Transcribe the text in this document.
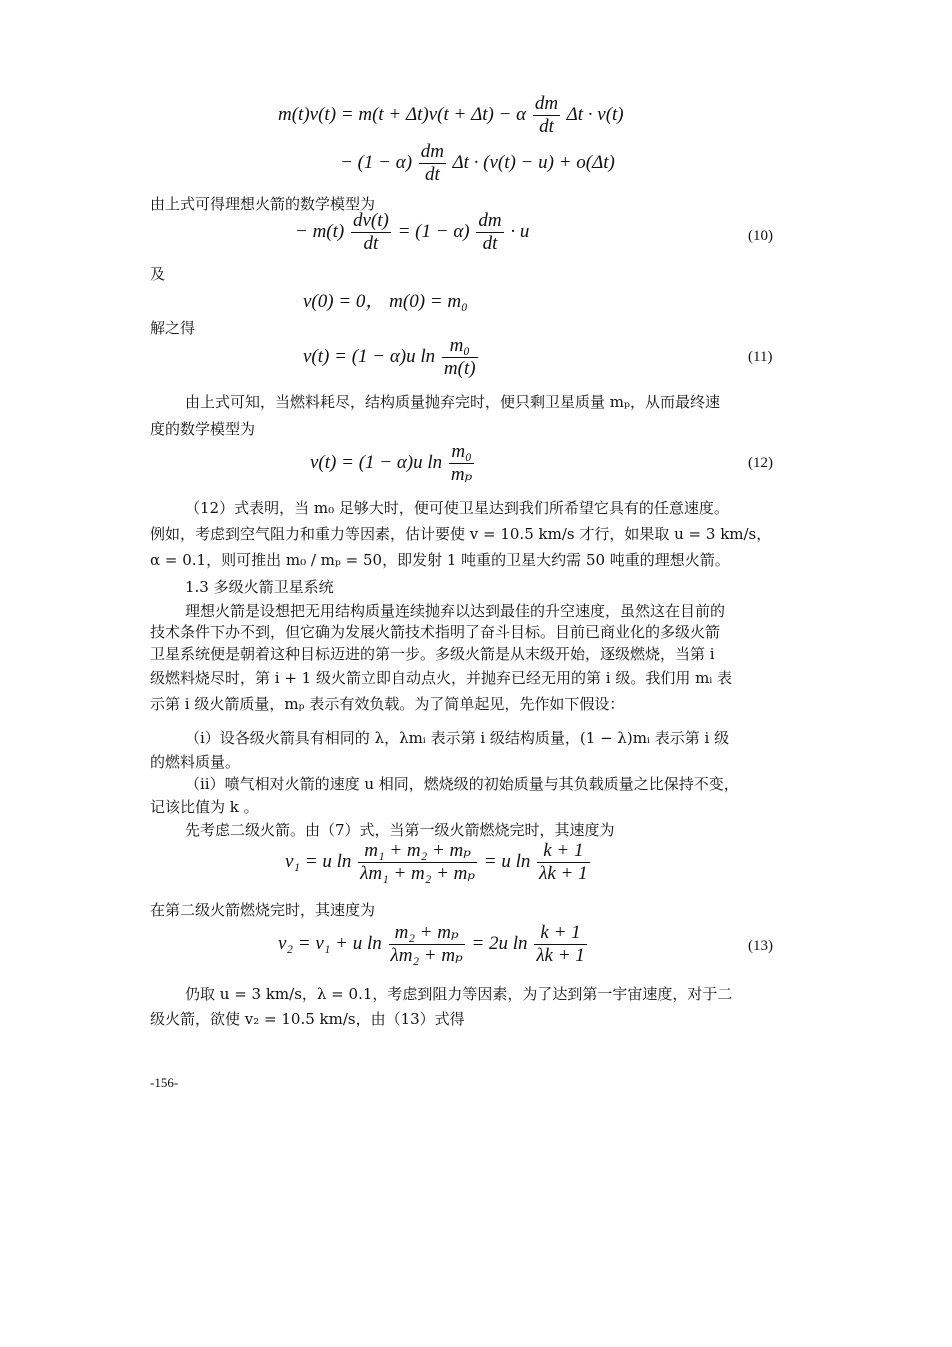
m(t)v(t) = m(t + Δt)v(t + Δt) − α $\frac{dm}{dt}$ Δt · v(t)
− $(1 - \alpha) \frac{dm}{dt}$ Δt · (v(t) − u) + o(Δt)
由上式可得理想火箭的数学模型为
− $m(t) \frac{dv(t)}{dt} = (1 - \alpha) \frac{dm}{dt} \cdot u$	(10)
及
v(0) = 0， m(0) = m₀
解之得
v(t) = (1 − α)u $\ln \frac{\text{m₀}}{m(t)}$	(11)
由上式可知，当燃料耗尽，结构质量抛弃完时，便只剩卫星质量 mₚ，从而最终速
度的数学模型为
v(t) = (1 − α)u $\ln \frac{\text{m₀}}{\text{mₚ}}$	(12)
（12）式表明，当 m₀ 足够大时，便可使卫星达到我们所希望它具有的任意速度。
例如，考虑到空气阻力和重力等因素，估计要使 v = 10.5 km/s 才行，如果取 u = 3 km/s，
α = 0.1，则可推出 m₀ / mₚ = 50，即发射 1 吨重的卫星大约需 50 吨重的理想火箭。
1.3 多级火箭卫星系统
理想火箭是设想把无用结构质量连续抛弃以达到最佳的升空速度，虽然这在目前的
技术条件下办不到，但它确为发展火箭技术指明了奋斗目标。目前已商业化的多级火箭
卫星系统便是朝着这种目标迈进的第一步。多级火箭是从末级开始，逐级燃烧，当第 i
级燃料烧尽时，第 i + 1 级火箭立即自动点火，并抛弃已经无用的第 i 级。我们用 mᵢ 表
示第 i 级火箭质量，mₚ 表示有效负载。为了简单起见，先作如下假设：
（i）设各级火箭具有相同的 λ，λmᵢ 表示第 i 级结构质量，(1 − λ)mᵢ 表示第 i 级
的燃料质量。
（ii）喷气相对火箭的速度 u 相同，燃烧级的初始质量与其负载质量之比保持不变，
记该比值为 k 。
先考虑二级火箭。由（7）式，当第一级火箭燃烧完时，其速度为
v₁ = u $\ln \frac{\text{m₁ + m₂ + mₚ}}{\text{λm₁ + m₂ + mₚ}} = u$ $\ln \frac{k + 1}{\lambda k + 1}$
在第二级火箭燃烧完时，其速度为
v₂ = v₁ + u $\ln \frac{\text{m₂ + mₚ}}{\text{λm₂ + mₚ}} = 2u$ $\ln \frac{k + 1}{\lambda k + 1}$	(13)
仍取 u = 3 km/s，λ = 0.1，考虑到阻力等因素，为了达到第一宇宙速度，对于二
级火箭，欲使 v₂ = 10.5 km/s，由（13）式得
-156-
